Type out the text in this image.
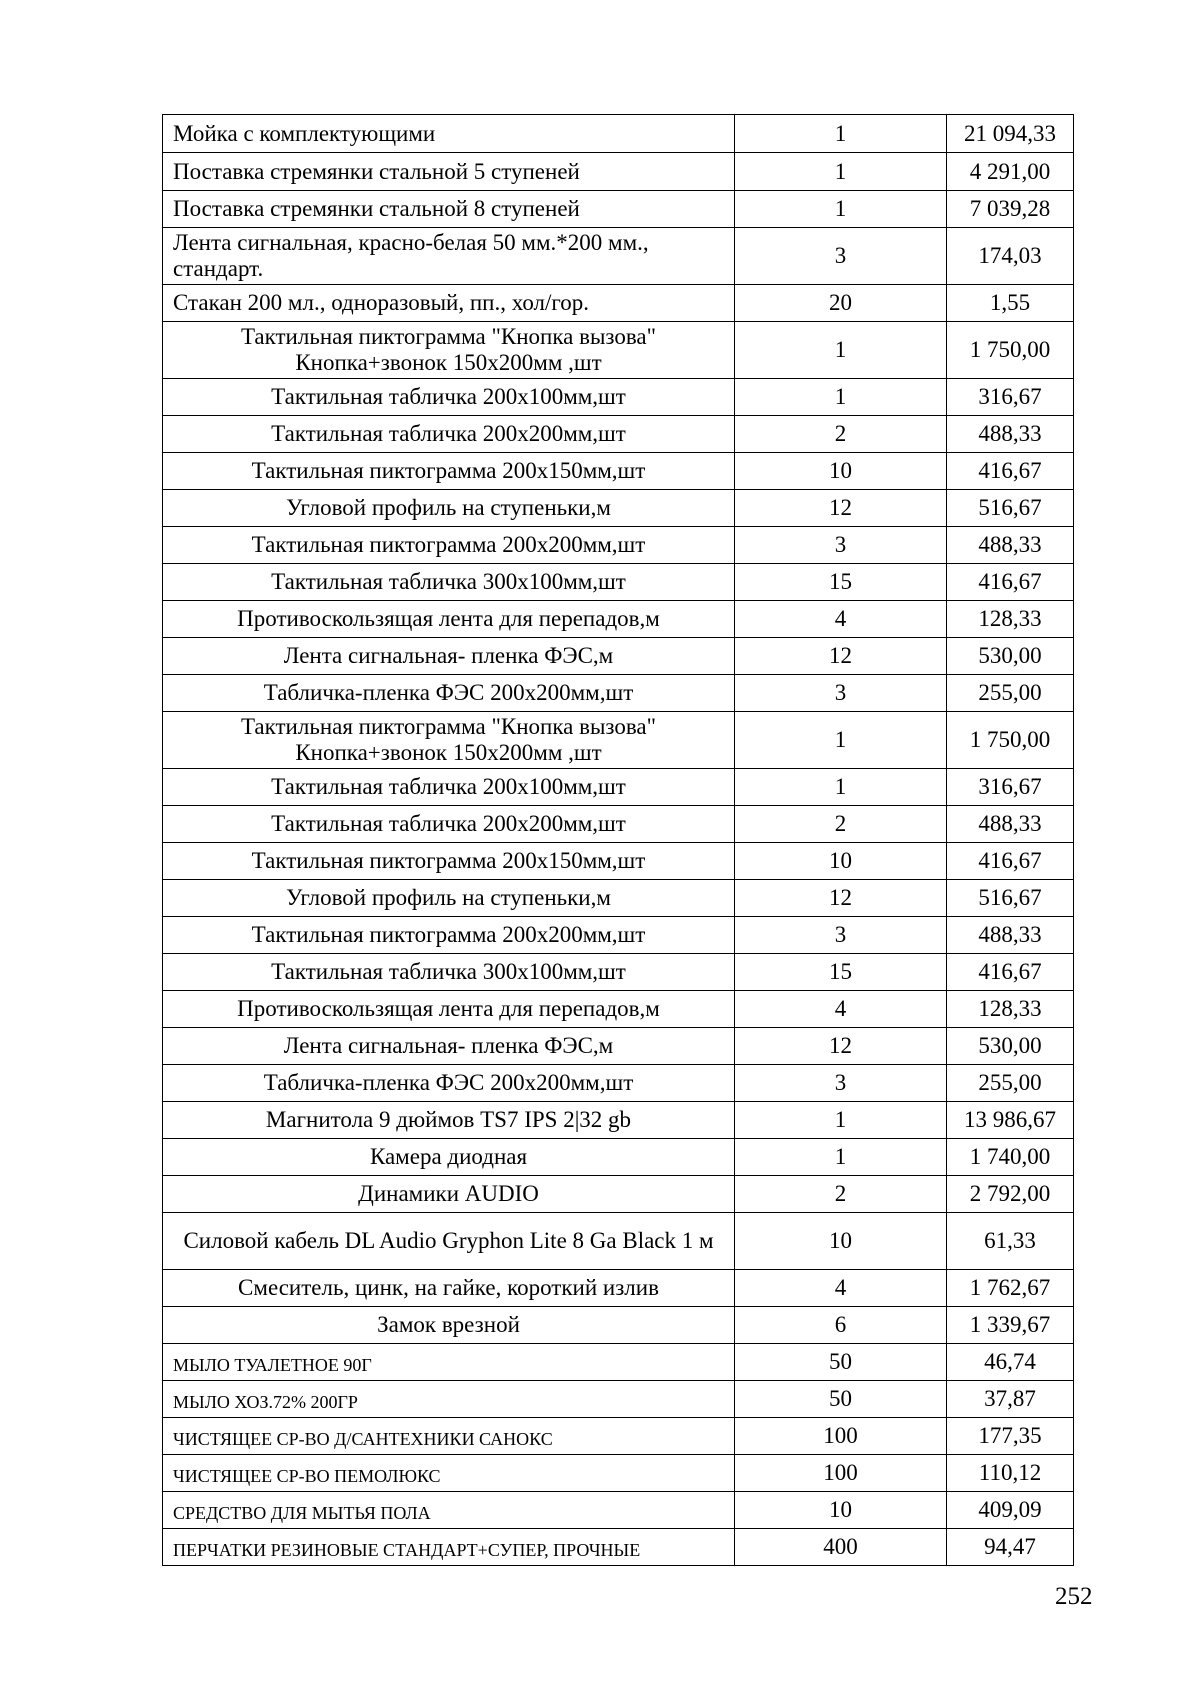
Мойка с комплектующими	1	21 094,33
Поставка стремянки стальной 5 ступеней	1	4 291,00
Поставка стремянки стальной 8 ступеней	1	7 039,28
Лента сигнальная, красно-белая 50 мм.*200 мм., стандарт.	3	174,03
Стакан 200 мл., одноразовый, пп., хол/гор.	20	1,55
Тактильная пиктограмма "Кнопка вызова" Кнопка+звонок 150х200мм ,шт	1	1 750,00
Тактильная табличка 200х100мм,шт	1	316,67
Тактильная табличка 200х200мм,шт	2	488,33
Тактильная пиктограмма 200х150мм,шт	10	416,67
Угловой профиль на ступеньки,м	12	516,67
Тактильная пиктограмма 200х200мм,шт	3	488,33
Тактильная табличка 300х100мм,шт	15	416,67
Противоскользящая лента для перепадов,м	4	128,33
Лента сигнальная- пленка ФЭС,м	12	530,00
Табличка-пленка ФЭС 200х200мм,шт	3	255,00
Тактильная пиктограмма "Кнопка вызова" Кнопка+звонок 150х200мм ,шт	1	1 750,00
Тактильная табличка 200х100мм,шт	1	316,67
Тактильная табличка 200х200мм,шт	2	488,33
Тактильная пиктограмма 200х150мм,шт	10	416,67
Угловой профиль на ступеньки,м	12	516,67
Тактильная пиктограмма 200х200мм,шт	3	488,33
Тактильная табличка 300х100мм,шт	15	416,67
Противоскользящая лента для перепадов,м	4	128,33
Лента сигнальная- пленка ФЭС,м	12	530,00
Табличка-пленка ФЭС 200х200мм,шт	3	255,00
Магнитола 9 дюймов TS7 IPS 2|32 gb	1	13 986,67
Камера диодная	1	1 740,00
Динамики AUDIO	2	2 792,00
Силовой кабель DL Audio Gryphon Lite 8 Ga Black 1 м	10	61,33
Смеситель, цинк, на гайке, короткий излив	4	1 762,67
Замок врезной	6	1 339,67
МЫЛО ТУАЛЕТНОЕ 90Г	50	46,74
МЫЛО ХОЗ.72% 200ГР	50	37,87
ЧИСТЯЩЕЕ СР-ВО Д/САНТЕХНИКИ САНОКС	100	177,35
ЧИСТЯЩЕЕ СР-ВО ПЕМОЛЮКС	100	110,12
СРЕДСТВО ДЛЯ МЫТЬЯ ПОЛА	10	409,09
ПЕРЧАТКИ РЕЗИНОВЫЕ СТАНДАРТ+СУПЕР, ПРОЧНЫЕ	400	94,47
252
